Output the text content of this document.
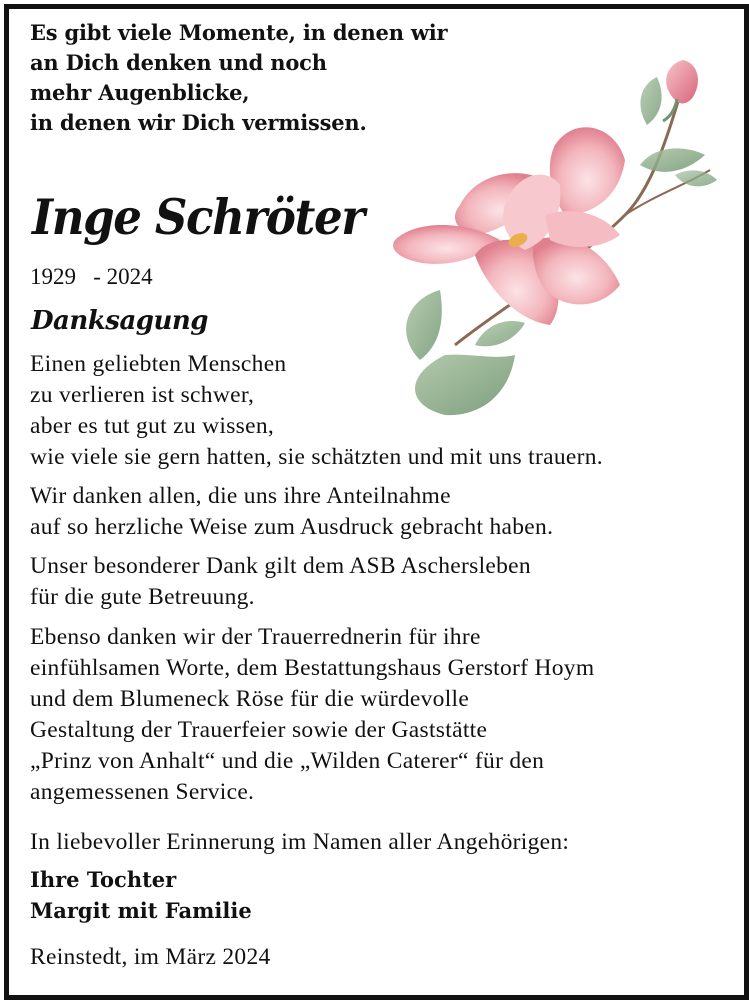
Es gibt viele Momente, in denen wir
an Dich denken und noch
mehr Augenblicke,
in denen wir Dich vermissen.
Inge Schröter
1929 - 2024
Danksagung
Einen geliebten Menschen
zu verlieren ist schwer,
aber es tut gut zu wissen,
wie viele sie gern hatten, sie schätzten und mit uns trauern.
Wir danken allen, die uns ihre Anteilnahme
auf so herzliche Weise zum Ausdruck gebracht haben.
Unser besonderer Dank gilt dem ASB Aschersleben
für die gute Betreuung.
Ebenso danken wir der Trauerrednerin für ihre
einfühlsamen Worte, dem Bestattungshaus Gerstorf Hoym
und dem Blumeneck Röse für die würdevolle
Gestaltung der Trauerfeier sowie der Gaststätte
„Prinz von Anhalt“ und die „Wilden Caterer“ für den
angemessenen Service.
In liebevoller Erinnerung im Namen aller Angehörigen:
Ihre Tochter
Margit mit Familie
Reinstedt, im März 2024
